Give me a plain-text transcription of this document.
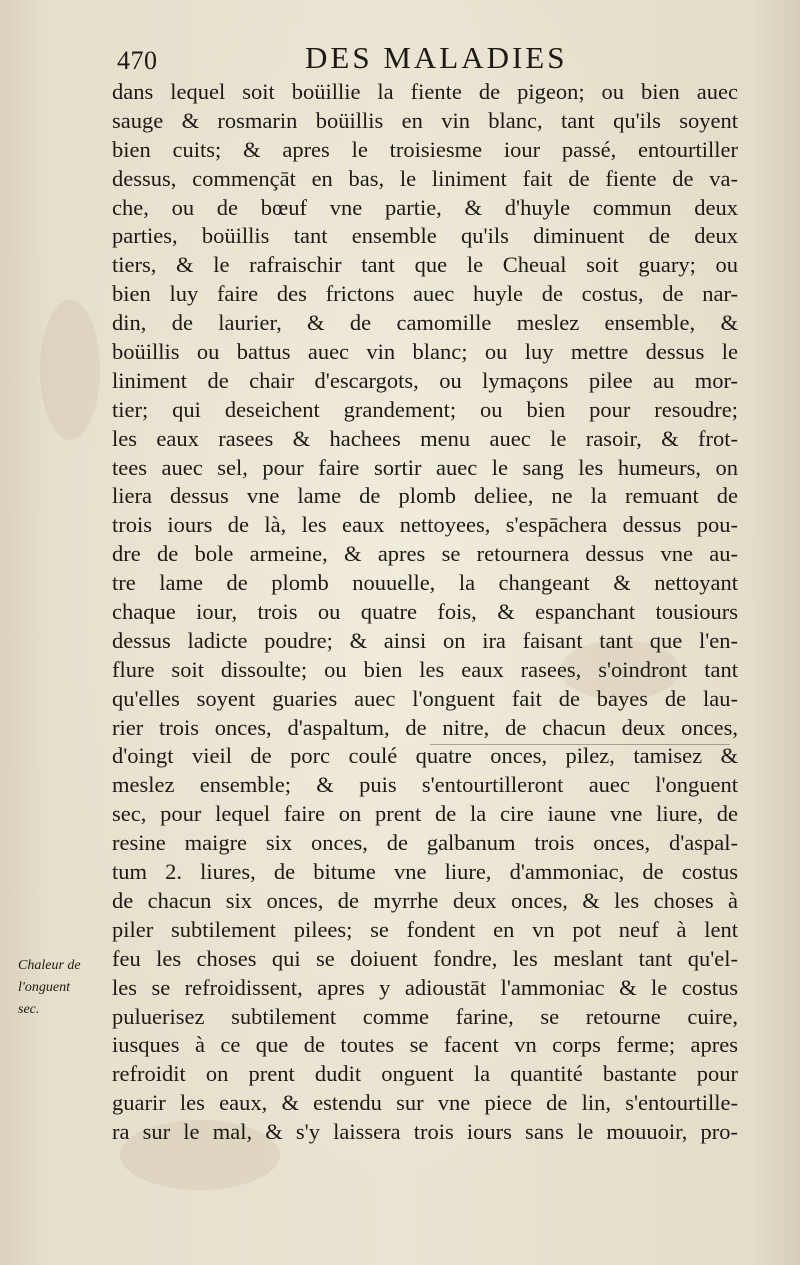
470	DES MALADIES
dans lequel soit boüillie la fiente de pigeon; ou bien auec
sauge & rosmarin boüillis en vin blanc, tant qu'ils soyent
bien cuits; & apres le troisiesme iour passé, entourtiller
dessus, commençāt en bas, le liniment fait de fiente de va-
che, ou de bœuf vne partie, & d'huyle commun deux
parties, boüillis tant ensemble qu'ils diminuent de deux
tiers, & le rafraischir tant que le Cheual soit guary; ou
bien luy faire des frictons auec huyle de costus, de nar-
din, de laurier, & de camomille meslez ensemble, &
boüillis ou battus auec vin blanc; ou luy mettre dessus le
liniment de chair d'escargots, ou lymaçons pilee au mor-
tier; qui deseichent grandement; ou bien pour resoudre;
les eaux rasees & hachees menu auec le rasoir, & frot-
tees auec sel, pour faire sortir auec le sang les humeurs, on
liera dessus vne lame de plomb deliee, ne la remuant de
trois iours de là, les eaux nettoyees, s'espāchera dessus pou-
dre de bole armeine, & apres se retournera dessus vne au-
tre lame de plomb nouuelle, la changeant & nettoyant
chaque iour, trois ou quatre fois, & espanchant tousiours
dessus ladicte poudre; & ainsi on ira faisant tant que l'en-
flure soit dissoulte; ou bien les eaux rasees, s'oindront tant
qu'elles soyent guaries auec l'onguent fait de bayes de lau-
rier trois onces, d'aspaltum, de nitre, de chacun deux onces,
d'oingt vieil de porc coulé quatre onces, pilez, tamisez &
meslez ensemble; & puis s'entourtilleront auec l'onguent
sec, pour lequel faire on prent de la cire iaune vne liure, de
resine maigre six onces, de galbanum trois onces, d'aspal-
tum 2. liures, de bitume vne liure, d'ammoniac, de costus
de chacun six onces, de myrrhe deux onces, & les choses à
piler subtilement pilees; se fondent en vn pot neuf à lent
feu les choses qui se doiuent fondre, les meslant tant qu'el-
les se refroidissent, apres y adioustāt l'ammoniac & le costus
puluerisez subtilement comme farine, se retourne cuire,
iusques à ce que de toutes se facent vn corps ferme; apres
refroidit on prent dudit onguent la quantité bastante pour
guarir les eaux, & estendu sur vne piece de lin, s'entourtille-
ra sur le mal, & s'y laissera trois iours sans le mouuoir, pro-
Chaleur de
l'onguent
sec.
